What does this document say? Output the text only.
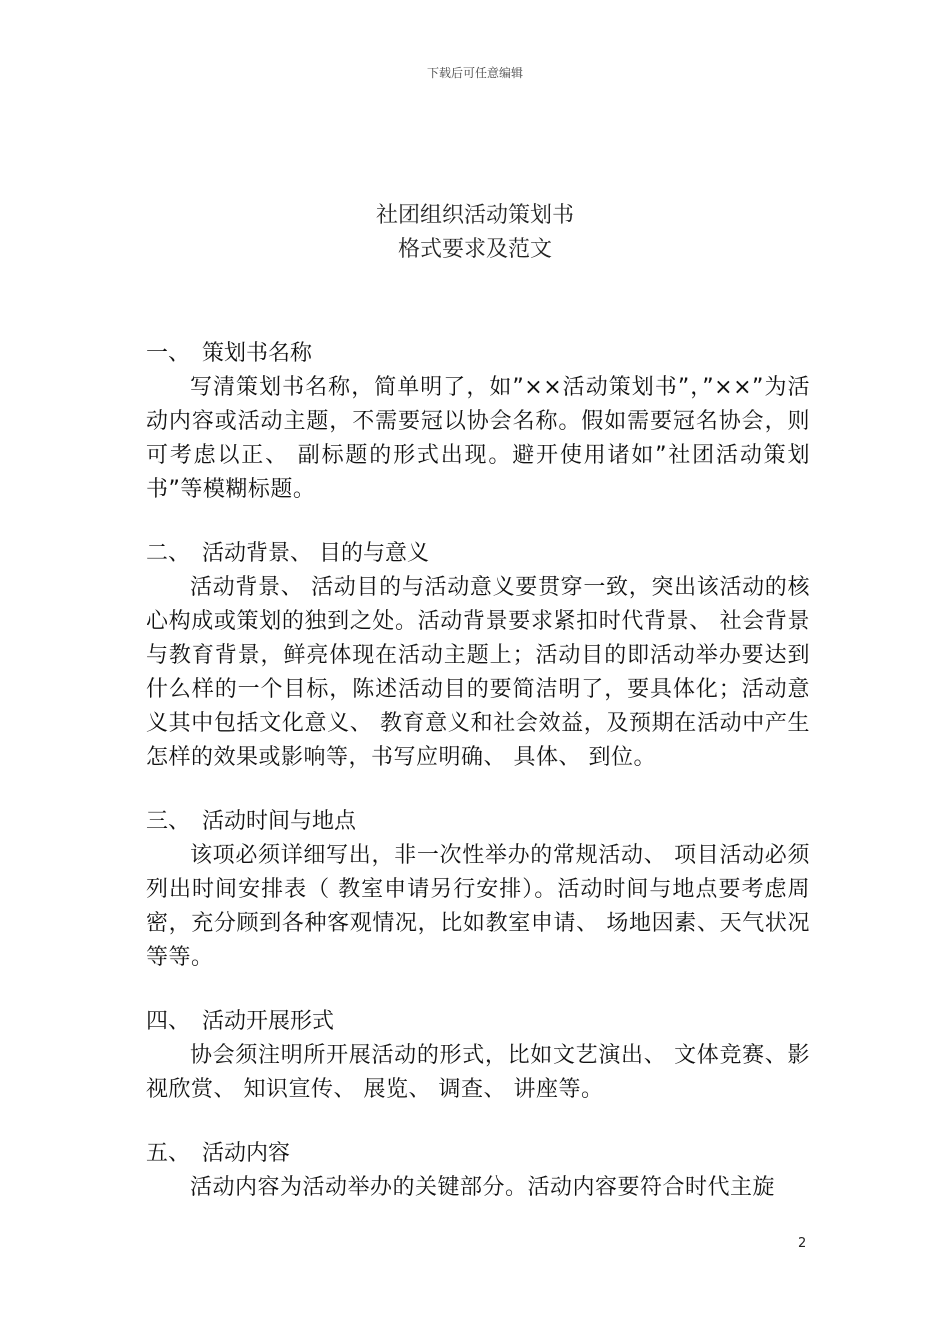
下载后可任意编辑
社团组织活动策划书
格式要求及范文
一、 策划书名称
写清策划书名称，简单明了，如”××活动策划书”，”××”为活动内容或活动主题，不需要冠以协会名称。假如需要冠名协会，则可考虑以正、 副标题的形式出现。避开使用诸如”社团活动策划书”等模糊标题。
二、 活动背景、 目的与意义
活动背景、 活动目的与活动意义要贯穿一致，突出该活动的核心构成或策划的独到之处。活动背景要求紧扣时代背景、 社会背景与教育背景，鲜亮体现在活动主题上；活动目的即活动举办要达到什么样的一个目标，陈述活动目的要简洁明了，要具体化；活动意义其中包括文化意义、 教育意义和社会效益，及预期在活动中产生怎样的效果或影响等，书写应明确、 具体、 到位。
三、 活动时间与地点
该项必须详细写出，非一次性举办的常规活动、 项目活动必须列出时间安排表（ 教室申请另行安排）。活动时间与地点要考虑周密，充分顾到各种客观情况，比如教室申请、 场地因素、天气状况等等。
四、 活动开展形式
协会须注明所开展活动的形式，比如文艺演出、 文体竞赛、影视欣赏、 知识宣传、 展览、 调查、 讲座等。
五、 活动内容
活动内容为活动举办的关键部分。活动内容要符合时代主旋
2
